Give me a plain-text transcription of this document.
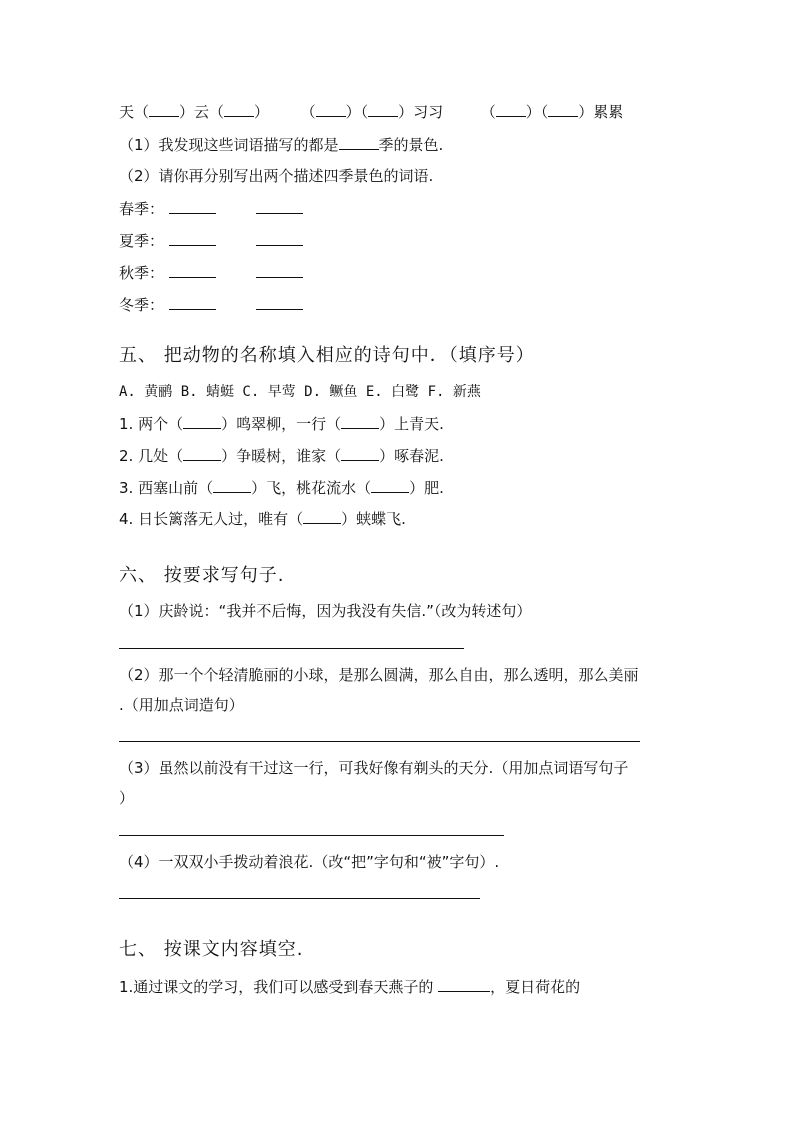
天（ ）云（ ） （ ）（ ）习习	（ ）（ ）累累
（1）我发现这些词语描写的都是	季的景色.
（2）请你再分别写出两个描述四季景色的词语.
春季：
夏季：
秋季：
冬季：
五、 把动物的名称填入相应的诗句中．（填序号）
A. 黄鹂 B. 蜻蜓 C. 早莺 D. 鳜鱼 E. 白鹭 F. 新燕
1. 两个（	）鸣翠柳，一行（	）上青天.
2. 几处（	）争暖树，谁家（	）啄春泥.
3. 西塞山前（	）飞，桃花流水（	）肥.
4. 日长篱落无人过，唯有（	）蛱蝶飞.
六、 按要求写句子.
（1）庆龄说：“我并不后悔，因为我没有失信.”（改为转述句）
（2）那一个个轻清脆丽的小球，是那么圆满，那么自由，那么透明，那么美丽
.（用加点词造句）
（3）虽然以前没有干过这一行，可我好像有剃头的天分.（用加点词语写句子
）
（4）一双双小手拨动着浪花.（改“把”字句和“被”字句）.
七、 按课文内容填空.
1.通过课文的学习，我们可以感受到春天燕子的	，夏日荷花的
